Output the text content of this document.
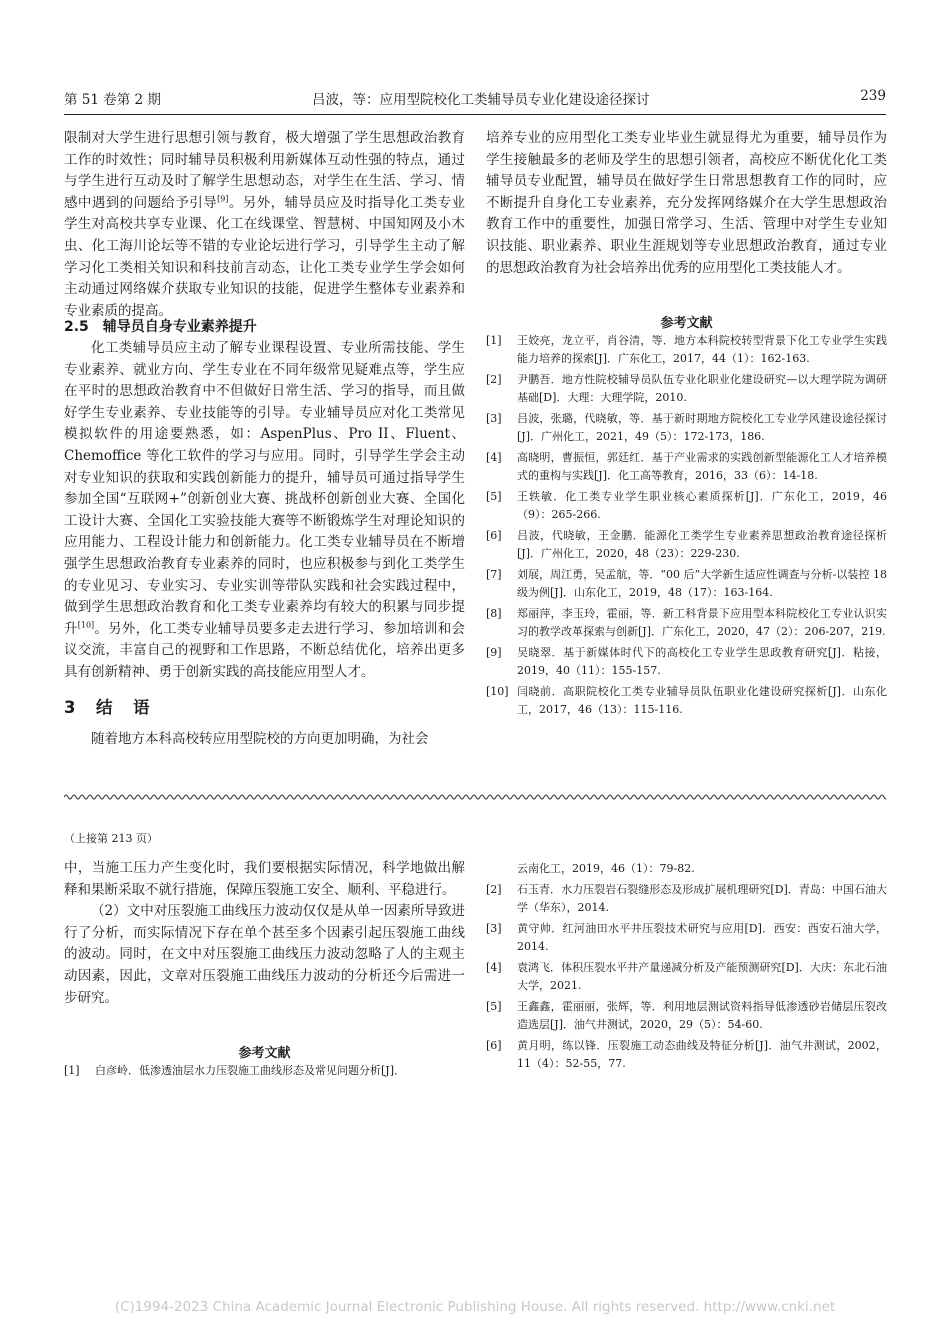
第 51 卷第 2 期	吕波，等：应用型院校化工类辅导员专业化建设途径探讨	239

限制对大学生进行思想引领与教育，极大增强了学生思想政治教育工作的时效性；同时辅导员积极利用新媒体互动性强的特点，通过与学生进行互动及时了解学生思想动态，对学生在生活、学习、情感中遇到的问题给予引导[9]。另外，辅导员应及时指导化工类专业学生对高校共享专业课、化工在线课堂、智慧树、中国知网及小木虫、化工海川论坛等不错的专业论坛进行学习，引导学生主动了解学习化工类相关知识和科技前言动态，让化工类专业学生学会如何主动通过网络媒介获取专业知识的技能，促进学生整体专业素养和专业素质的提高。

2.5　辅导员自身专业素养提升

化工类辅导员应主动了解专业课程设置、专业所需技能、学生专业素养、就业方向、学生专业在不同年级常见疑难点等，学生应在平时的思想政治教育中不但做好日常生活、学习的指导，而且做好学生专业素养、专业技能等的引导。专业辅导员应对化工类常见模拟软件的用途要熟悉，如：AspenPlus、Pro II、Fluent、Chemoffice 等化工软件的学习与应用。同时，引导学生学会主动对专业知识的获取和实践创新能力的提升，辅导员可通过指导学生参加全国“互联网+”创新创业大赛、挑战杯创新创业大赛、全国化工设计大赛、全国化工实验技能大赛等不断锻炼学生对理论知识的应用能力、工程设计能力和创新能力。化工类专业辅导员在不断增强学生思想政治教育专业素养的同时，也应积极参与到化工类学生的专业见习、专业实习、专业实训等带队实践和社会实践过程中，做到学生思想政治教育和化工类专业素养均有较大的积累与同步提升[10]。另外，化工类专业辅导员要多走去进行学习、参加培训和会议交流，丰富自己的视野和工作思路，不断总结优化，培养出更多具有创新精神、勇于创新实践的高技能应用型人才。

3　结　语

随着地方本科高校转应用型院校的方向更加明确，为社会

培养专业的应用型化工类专业毕业生就显得尤为重要，辅导员作为学生接触最多的老师及学生的思想引领者，高校应不断优化化工类辅导员专业配置，辅导员在做好学生日常思想教育工作的同时，应不断提升自身化工专业素养，充分发挥网络媒介在大学生思想政治教育工作中的重要性，加强日常学习、生活、管理中对学生专业知识技能、职业素养、职业生涯规划等专业思想政治教育，通过专业的思想政治教育为社会培养出优秀的应用型化工类技能人才。

参考文献
[1] 王姣亮，龙立平，肖谷清，等．地方本科院校转型背景下化工专业学生实践能力培养的探索[J]．广东化工，2017，44（1）：162-163.
[2] 尹鹏吾．地方性院校辅导员队伍专业化职业化建设研究—以大理学院为调研基础[D]．大理：大理学院，2010.
[3] 吕波，张璐，代晓敏，等．基于新时期地方院校化工专业学风建设途径探讨[J]．广州化工，2021，49（5）：172-173，186.
[4] 高晓明，曹振恒，郭廷红．基于产业需求的实践创新型能源化工人才培养模式的重构与实践[J]．化工高等教育，2016，33（6）：14-18.
[5] 王轶敏．化工类专业学生职业核心素质探析[J]．广东化工，2019，46（9）：265-266.
[6] 吕波，代晓敏，王金鹏．能源化工类学生专业素养思想政治教育途径探析[J]．广州化工，2020，48（23）：229-230.
[7] 刘展，周江勇，吴孟航，等．“00 后”大学新生适应性调查与分析-以装控 18 级为例[J]．山东化工，2019，48（17）：163-164.
[8] 郑丽萍，李玉玲，霍丽，等．新工科背景下应用型本科院校化工专业认识实习的教学改革探索与创新[J]．广东化工，2020，47（2）：206-207，219.
[9] 吴晓翠．基于新媒体时代下的高校化工专业学生思政教育研究[J]．粘接，2019，40（11）：155-157.
[10] 闫晓前．高职院校化工类专业辅导员队伍职业化建设研究探析[J]．山东化工，2017，46（13）：115-116.
（上接第 213 页）

中，当施工压力产生变化时，我们要根据实际情况，科学地做出解释和果断采取不就行措施，保障压裂施工安全、顺利、平稳进行。

（2）文中对压裂施工曲线压力波动仅仅是从单一因素所导致进行了分析，而实际情况下存在单个甚至多个因素引起压裂施工曲线的波动。同时，在文中对压裂施工曲线压力波动忽略了人的主观主动因素，因此，文章对压裂施工曲线压力波动的分析还今后需进一步研究。

参考文献
[1] 白彦岭．低渗透油层水力压裂施工曲线形态及常见问题分析[J]．
云南化工，2019，46（1）：79-82.
[2] 石玉青．水力压裂岩石裂缝形态及形成扩展机理研究[D]．青岛：中国石油大学（华东），2014.
[3] 黄守帅．红河油田水平井压裂技术研究与应用[D]．西安：西安石油大学，2014.
[4] 袁鸿飞．体积压裂水平井产量递减分析及产能预测研究[D]．大庆：东北石油大学，2021.
[5] 王鑫鑫，霍丽丽，张辉，等．利用地层测试资料指导低渗透砂岩储层压裂改造选层[J]．油气井测试，2020，29（5）：54-60.
[6] 黄月明，练以锋．压裂施工动态曲线及特征分析[J]．油气井测试，2002，11（4）：52-55，77.
(C)1994-2023 China Academic Journal Electronic Publishing House. All rights reserved. http://www.cnki.net
